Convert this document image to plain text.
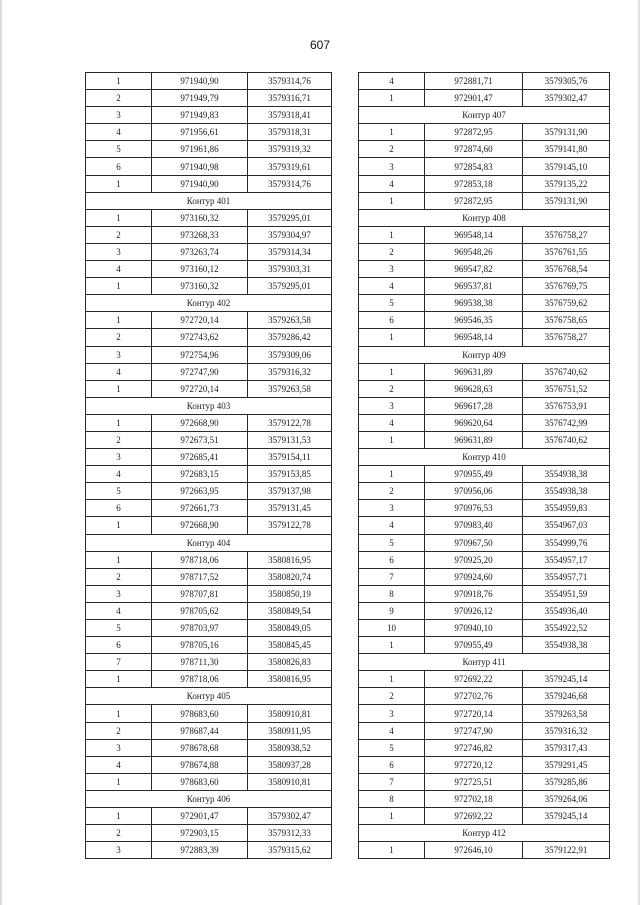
607
1	971940,90	3579314,76
2	971949,79	3579316,71
3	971949,83	3579318,41
4	971956,61	3579318,31
5	971961,86	3579319,32
6	971940,98	3579319,61
1	971940,90	3579314,76
Контур 401		
1	973160,32	3579295,01
2	973268,33	3579304,97
3	973263,74	3579314,34
4	973160,12	3579303,31
1	973160,32	3579295,01
Контур 402		
1	972720,14	3579263,58
2	972743,62	3579286,42
3	972754,96	3579309,06
4	972747,90	3579316,32
1	972720,14	3579263,58
Контур 403		
1	972668,90	3579122,78
2	972673,51	3579131,53
3	972685,41	3579154,11
4	972683,15	3579153,85
5	972663,95	3579137,98
6	972661,73	3579131,45
1	972668,90	3579122,78
Контур 404		
1	978718,06	3580816,95
2	978717,52	3580820,74
3	978707,81	3580850,19
4	978705,62	3580849,54
5	978703,97	3580849,05
6	978705,16	3580845,45
7	978711,30	3580826,83
1	978718,06	3580816,95
Контур 405		
1	978683,60	3580910,81
2	978687,44	3580911,95
3	978678,68	3580938,52
4	978674,88	3580937,28
1	978683,60	3580910,81
Контур 406		
1	972901,47	3579302,47
2	972903,15	3579312,33
3	972883,39	3579315,62
4	972881,71	3579305,76
1	972901,47	3579302,47
Контур 407		
1	972872,95	3579131,90
2	972874,60	3579141,80
3	972854,83	3579145,10
4	972853,18	3579135,22
1	972872,95	3579131,90
Контур 408		
1	969548,14	3576758,27
2	969548,26	3576761,55
3	969547,82	3576768,54
4	969537,81	3576769,75
5	969538,38	3576759,62
6	969546,35	3576758,65
1	969548,14	3576758,27
Контур 409		
1	969631,89	3576740,62
2	969628,63	3576751,52
3	969617,28	3576753,91
4	969620,64	3576742,99
1	969631,89	3576740,62
Контур 410		
1	970955,49	3554938,38
2	970956,06	3554938,38
3	970976,53	3554959,83
4	970983,40	3554967,03
5	970967,50	3554999,76
6	970925,20	3554957,17
7	970924,60	3554957,71
8	970918,76	3554951,59
9	970926,12	3554936,40
10	970940,10	3554922,52
1	970955,49	3554938,38
Контур 411		
1	972692,22	3579245,14
2	972702,76	3579246,68
3	972720,14	3579263,58
4	972747,90	3579316,32
5	972746,82	3579317,43
6	972720,12	3579291,45
7	972725,51	3579285,86
8	972702,18	3579264,06
1	972692,22	3579245,14
Контур 412		
1	972646,10	3579122,91
